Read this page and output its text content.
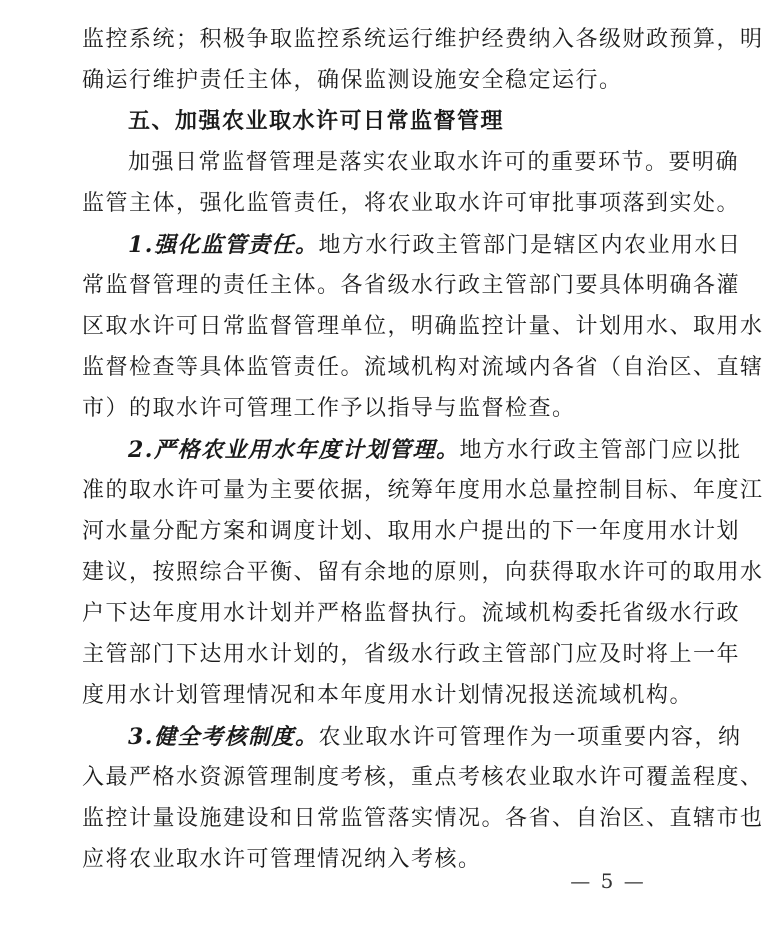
监控系统；积极争取监控系统运行维护经费纳入各级财政预算，明
确运行维护责任主体，确保监测设施安全稳定运行。
五、加强农业取水许可日常监督管理
加强日常监督管理是落实农业取水许可的重要环节。要明确
监管主体，强化监管责任，将农业取水许可审批事项落到实处。
1.强化监管责任。地方水行政主管部门是辖区内农业用水日
常监督管理的责任主体。各省级水行政主管部门要具体明确各灌
区取水许可日常监督管理单位，明确监控计量、计划用水、取用水
监督检查等具体监管责任。流域机构对流域内各省（自治区、直辖
市）的取水许可管理工作予以指导与监督检查。
2.严格农业用水年度计划管理。地方水行政主管部门应以批
准的取水许可量为主要依据，统筹年度用水总量控制目标、年度江
河水量分配方案和调度计划、取用水户提出的下一年度用水计划
建议，按照综合平衡、留有余地的原则，向获得取水许可的取用水
户下达年度用水计划并严格监督执行。流域机构委托省级水行政
主管部门下达用水计划的，省级水行政主管部门应及时将上一年
度用水计划管理情况和本年度用水计划情况报送流域机构。
3.健全考核制度。农业取水许可管理作为一项重要内容，纳
入最严格水资源管理制度考核，重点考核农业取水许可覆盖程度、
监控计量设施建设和日常监管落实情况。各省、自治区、直辖市也
应将农业取水许可管理情况纳入考核。
— 5 —
